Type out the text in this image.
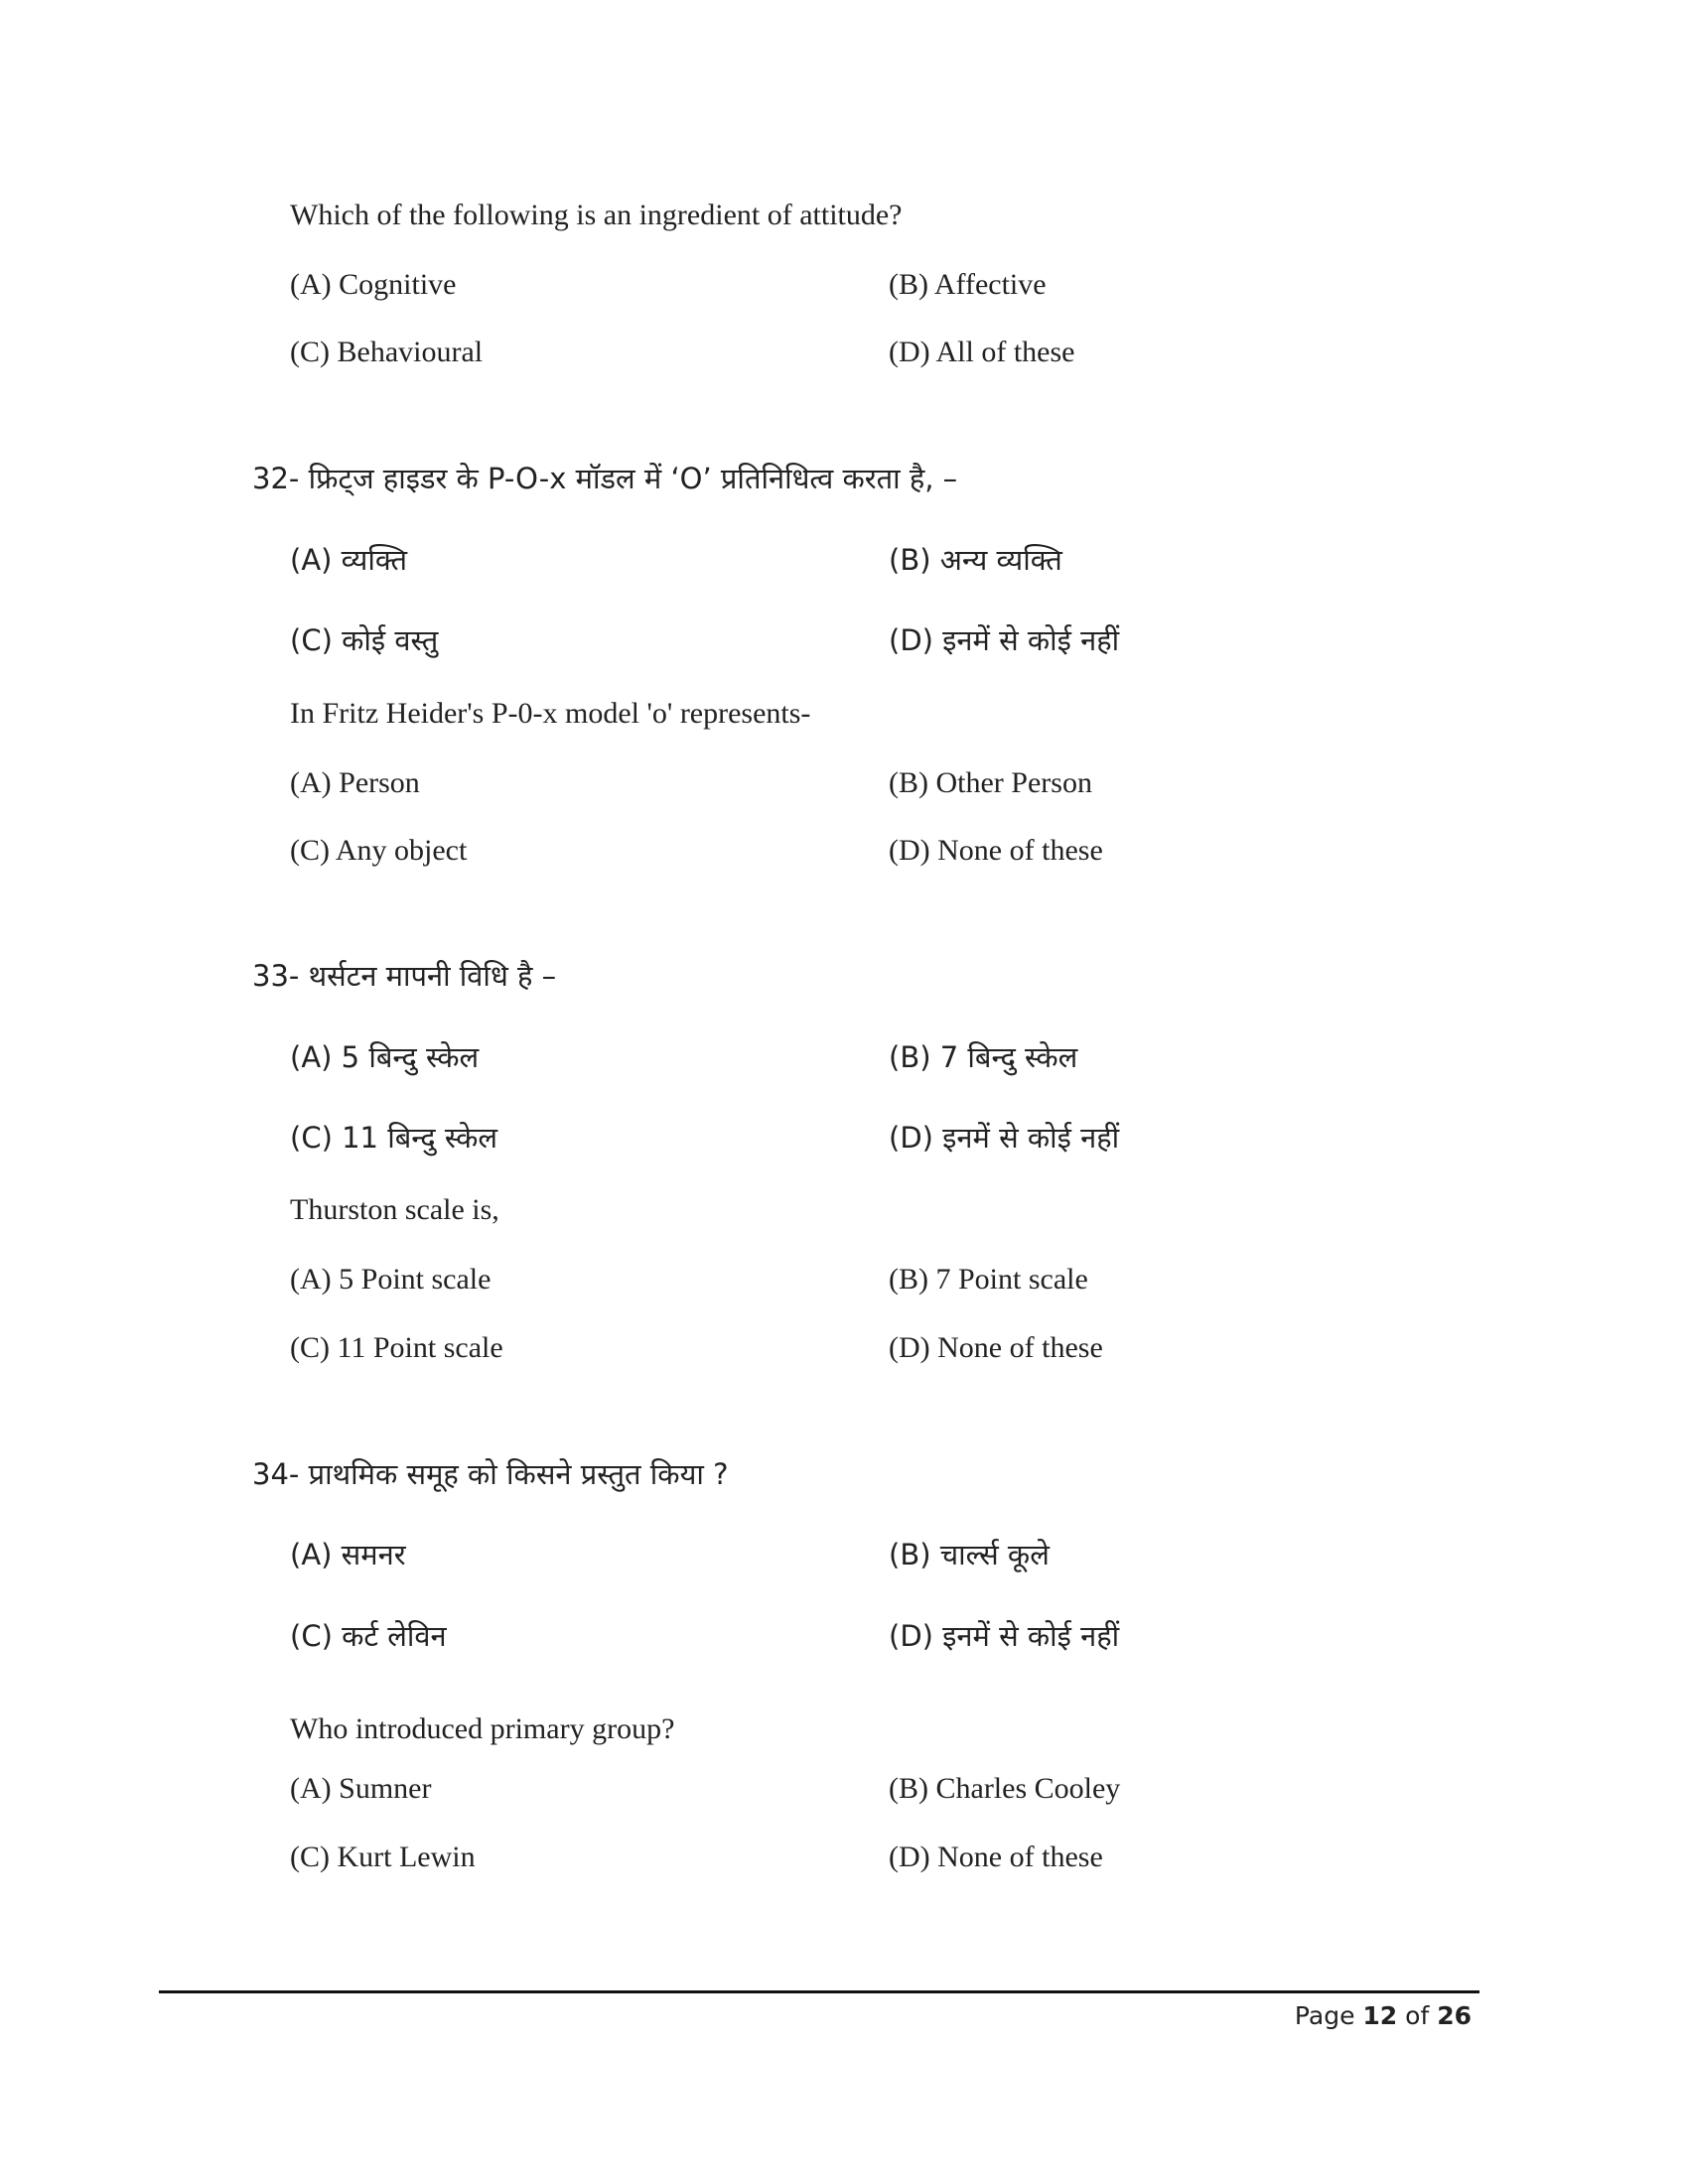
Which of the following is an ingredient of attitude?
(A) Cognitive	(B) Affective
(C) Behavioural	(D) All of these
32- फ्रिट्ज हाइडर के P-O-x मॉडल में ‘O’ प्रतिनिधित्व करता है, –
(A) व्यक्ति	(B) अन्य व्यक्ति
(C) कोई वस्तु	(D) इनमें से कोई नहीं
In Fritz Heider's P-0-x model 'o' represents-
(A) Person	(B) Other Person
(C) Any object	(D) None of these
33- थर्सटन मापनी विधि है –
(A) 5 बिन्दु स्केल	(B) 7 बिन्दु स्केल
(C) 11 बिन्दु स्केल	(D) इनमें से कोई नहीं
Thurston scale is,
(A) 5 Point scale	(B) 7 Point scale
(C) 11 Point scale	(D) None of these
34- प्राथमिक समूह को किसने प्रस्तुत किया ?
(A) समनर	(B) चार्ल्स कूले
(C) कर्ट लेविन	(D) इनमें से कोई नहीं
Who introduced primary group?
(A) Sumner	(B) Charles Cooley
(C) Kurt Lewin	(D) None of these
Page 12 of 26
